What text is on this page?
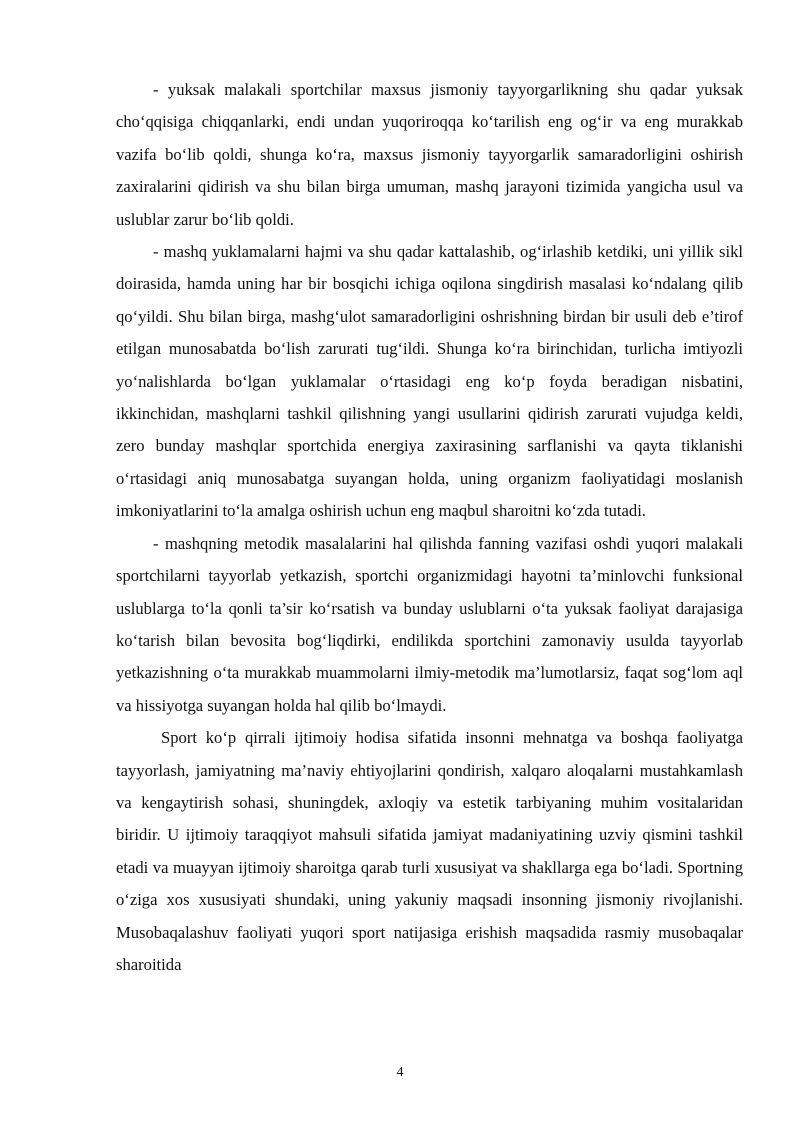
- yuksak malakali sportchilar maxsus jismoniy tayyorgarlikning shu qadar yuksak cho‘qqisiga chiqqanlarki, endi undan yuqoriroqqa ko‘tarilish eng og‘ir va eng murakkab vazifa bo‘lib qoldi, shunga ko‘ra, maxsus jismoniy tayyorgarlik samaradorligini oshirish zaxiralarini qidirish va shu bilan birga umuman, mashq jarayoni tizimida yangicha usul va uslublar zarur bo‘lib qoldi.

- mashq yuklamalarni hajmi va shu qadar kattalashib, og‘irlashib ketdiki, uni yillik sikl doirasida, hamda uning har bir bosqichi ichiga oqilona singdirish masalasi ko‘ndalang qilib qo‘yildi. Shu bilan birga, mashg‘ulot samaradorligini oshrishning birdan bir usuli deb e’tirof etilgan munosabatda bo‘lish zarurati tug‘ildi. Shunga ko‘ra birinchidan, turlicha imtiyozli yo‘nalishlarda bo‘lgan yuklamalar o‘rtasidagi eng ko‘p foyda beradigan nisbatini, ikkinchidan, mashqlarni tashkil qilishning yangi usullarini qidirish zarurati vujudga keldi, zero bunday mashqlar sportchida energiya zaxirasining sarflanishi va qayta tiklanishi o‘rtasidagi aniq munosabatga suyangan holda, uning organizm faoliyatidagi moslanish imkoniyatlarini to‘la amalga oshirish uchun eng maqbul sharoitni ko‘zda tutadi.

- mashqning metodik masalalarini hal qilishda fanning vazifasi oshdi yuqori malakali sportchilarni tayyorlab yetkazish, sportchi organizmidagi hayotni ta’minlovchi funksional uslublarga to‘la qonli ta’sir ko‘rsatish va bunday uslublarni o‘ta yuksak faoliyat darajasiga ko‘tarish bilan bevosita bog‘liqdirki, endilikda sportchini zamonaviy usulda tayyorlab yetkazishning o‘ta murakkab muammolarni ilmiy-metodik ma’lumotlarsiz, faqat sog‘lom aql va hissiyotga suyangan holda hal qilib bo‘lmaydi.

Sport ko‘p qirrali ijtimoiy hodisa sifatida insonni mehnatga va boshqa faoliyatga tayyorlash, jamiyatning ma’naviy ehtiyojlarini qondirish, xalqaro aloqalarni mustahkamlash va kengaytirish sohasi, shuningdek, axloqiy va estetik tarbiyaning muhim vositalaridan biridir. U ijtimoiy taraqqiyot mahsuli sifatida jamiyat madaniyatining uzviy qismini tashkil etadi va muayyan ijtimoiy sharoitga qarab turli xususiyat va shakllarga ega bo‘ladi. Sportning o‘ziga xos xususiyati shundaki, uning yakuniy maqsadi insonning jismoniy rivojlanishi. Musobaqalashuv faoliyati yuqori sport natijasiga erishish maqsadida rasmiy musobaqalar sharoitida

4
